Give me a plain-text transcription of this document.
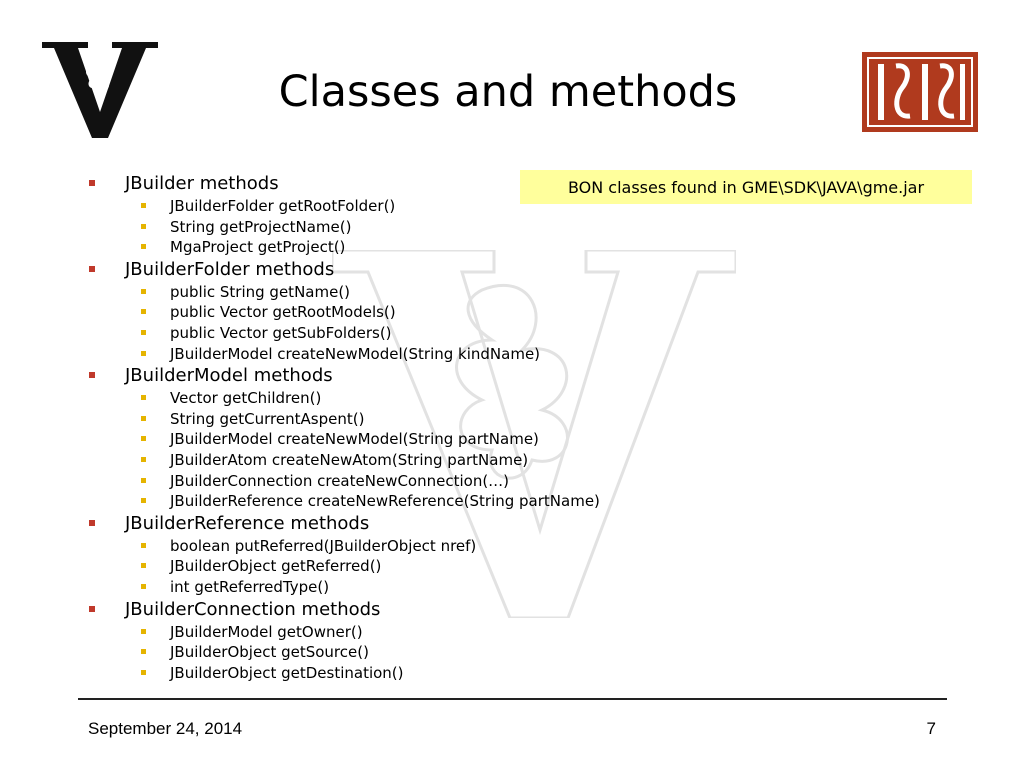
Classes and methods
BON classes found in GME\SDK\JAVA\gme.jar
JBuilder methods
JBuilderFolder getRootFolder()
String getProjectName()
MgaProject getProject()
JBuilderFolder methods
public String getName()
public Vector getRootModels()
public Vector getSubFolders()
JBuilderModel createNewModel(String kindName)
JBuilderModel methods
Vector getChildren()
String getCurrentAspent()
JBuilderModel createNewModel(String partName)
JBuilderAtom createNewAtom(String partName)
JBuilderConnection createNewConnection(…)
JBuilderReference createNewReference(String partName)
JBuilderReference methods
boolean putReferred(JBuilderObject nref)
JBuilderObject getReferred()
int getReferredType()
JBuilderConnection methods
JBuilderModel getOwner()
JBuilderObject getSource()
JBuilderObject getDestination()
September 24, 2014	7
